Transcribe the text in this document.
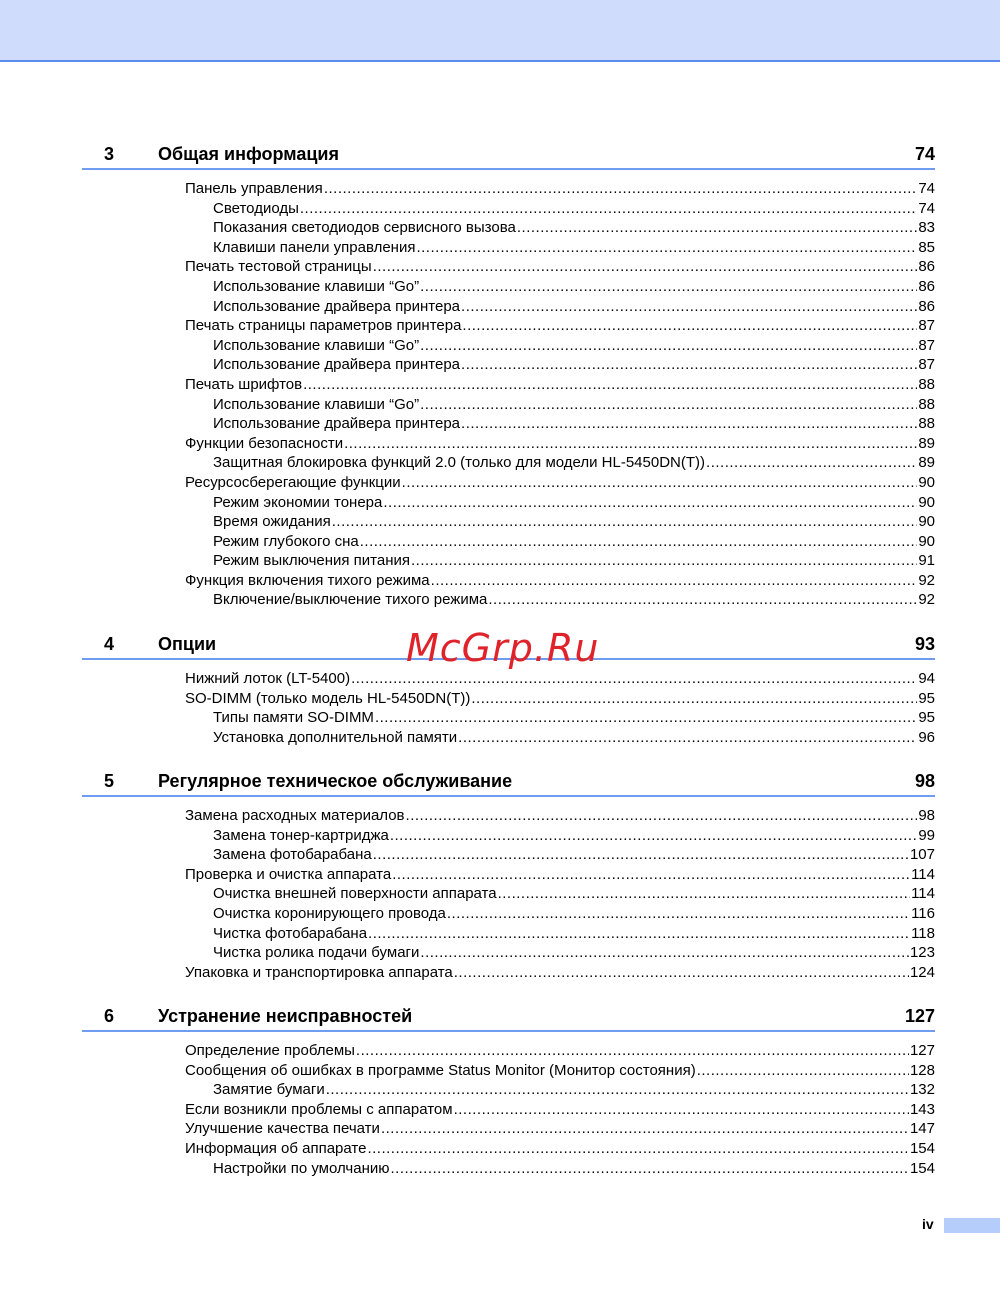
3 Общая информация	74
Панель управления .....	74
Светодиоды .....	74
Показания светодиодов сервисного вызова .....	83
Клавиши панели управления .....	85
Печать тестовой страницы .....	86
Использование клавиши “Go” .....	86
Использование драйвера принтера .....	86
Печать страницы параметров принтера .....	87
Использование клавиши “Go” .....	87
Использование драйвера принтера .....	87
Печать шрифтов .....	88
Использование клавиши “Go” .....	88
Использование драйвера принтера .....	88
Функции безопасности .....	89
Защитная блокировка функций 2.0 (только для модели HL-5450DN(T)) .....	89
Ресурсосберегающие функции .....	90
Режим экономии тонера .....	90
Время ожидания .....	90
Режим глубокого сна .....	90
Режим выключения питания .....	91
Функция включения тихого режима .....	92
Включение/выключение тихого режима .....	92
4 Опции	93
Нижний лоток (LT-5400) .....	94
SO-DIMM (только модель HL-5450DN(T)) .....	95
Типы памяти SO-DIMM .....	95
Установка дополнительной памяти .....	96
5 Регулярное техническое обслуживание	98
Замена расходных материалов .....	98
Замена тонер-картриджа .....	99
Замена фотобарабана .....	107
Проверка и очистка аппарата .....	114
Очистка внешней поверхности аппарата .....	114
Очистка коронирующего провода .....	116
Чистка фотобарабана .....	118
Чистка ролика подачи бумаги .....	123
Упаковка и транспортировка аппарата .....	124
6 Устранение неисправностей	127
Определение проблемы .....	127
Сообщения об ошибках в программе Status Monitor (Монитор состояния) .....	128
Замятие бумаги .....	132
Если возникли проблемы с аппаратом .....	143
Улучшение качества печати .....	147
Информация об аппарате .....	154
Настройки по умолчанию .....	154
McGrp.Ru
iv
